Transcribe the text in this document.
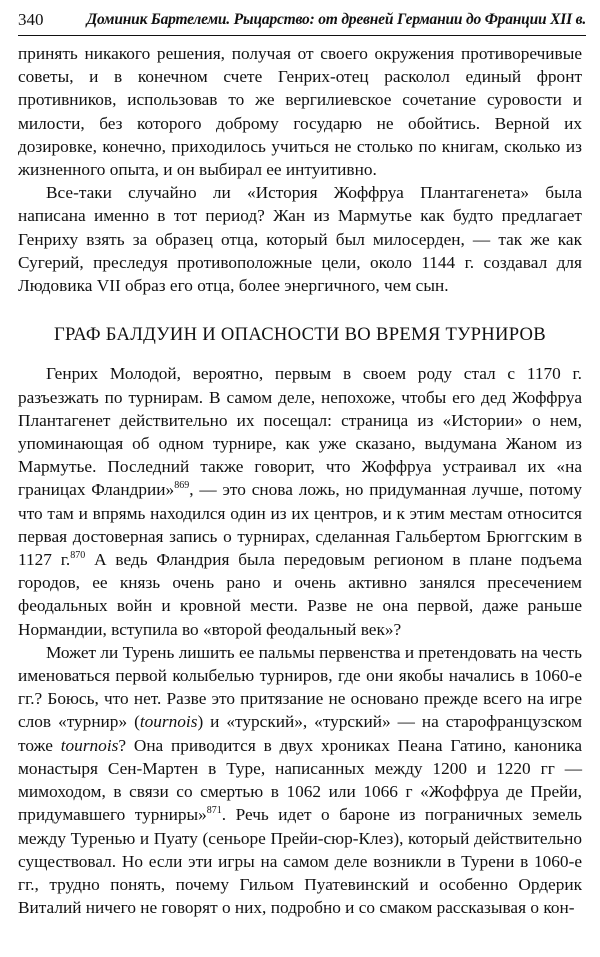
340	Доминик Бартелеми. Рыцарство: от древней Германии до Франции XII в.

принять никакого решения, получая от своего окружения противоречивые советы, и в конечном счете Генрих-отец расколол единый фронт противников, использовав то же вергилиевское сочетание суровости и милости, без которого доброму государю не обойтись. Верной их дозировке, конечно, приходилось учиться не столько по книгам, сколько из жизненного опыта, и он выбирал ее интуитивно.

Все-таки случайно ли «История Жоффруа Плантагенета» была написана именно в тот период? Жан из Мармутье как будто предлагает Генриху взять за образец отца, который был милосерден, — так же как Сугерий, преследуя противоположные цели, около 1144 г. создавал для Людовика VII образ его отца, более энергичного, чем сын.

ГРАФ БАЛДУИН И ОПАСНОСТИ ВО ВРЕМЯ ТУРНИРОВ

Генрих Молодой, вероятно, первым в своем роду стал с 1170 г. разъезжать по турнирам. В самом деле, непохоже, чтобы его дед Жоффруа Плантагенет действительно их посещал: страница из «Истории» о нем, упоминающая об одном турнире, как уже сказано, выдумана Жаном из Мармутье. Последний также говорит, что Жоффруа устраивал их «на границах Фландрии»$^{869}$, — это снова ложь, но придуманная лучше, потому что там и впрямь находился один из их центров, и к этим местам относится первая достоверная запись о турнирах, сделанная Гальбертом Брюггским в 1127 г.$^{870}$ А ведь Фландрия была передовым регионом в плане подъема городов, ее князь очень рано и очень активно занялся пресечением феодальных войн и кровной мести. Разве не она первой, даже раньше Нормандии, вступила во «второй феодальный век»?

Может ли Турень лишить ее пальмы первенства и претендовать на честь именоваться первой колыбелью турниров, где они якобы начались в 1060-е гг.? Боюсь, что нет. Разве это притязание не основано прежде всего на игре слов «турнир» (tournois) и «турский», «турский» — на старофранцузском тоже tournois? Она приводится в двух хрониках Пеана Гатино, каноника монастыря Сен-Мартен в Туре, написанных между 1200 и 1220 гг — мимоходом, в связи со смертью в 1062 или 1066 г «Жоффруа де Прейи, придумавшего турниры»$^{871}$. Речь идет о бароне из пограничных земель между Туренью и Пуату (сеньоре Прейи-сюр-Клез), который действительно существовал. Но если эти игры на самом деле возникли в Турени в 1060-е гг., трудно понять, почему Гильом Пуатевинский и особенно Ордерик Виталий ничего не говорят о них, подробно и со смаком рассказывая о кон-
